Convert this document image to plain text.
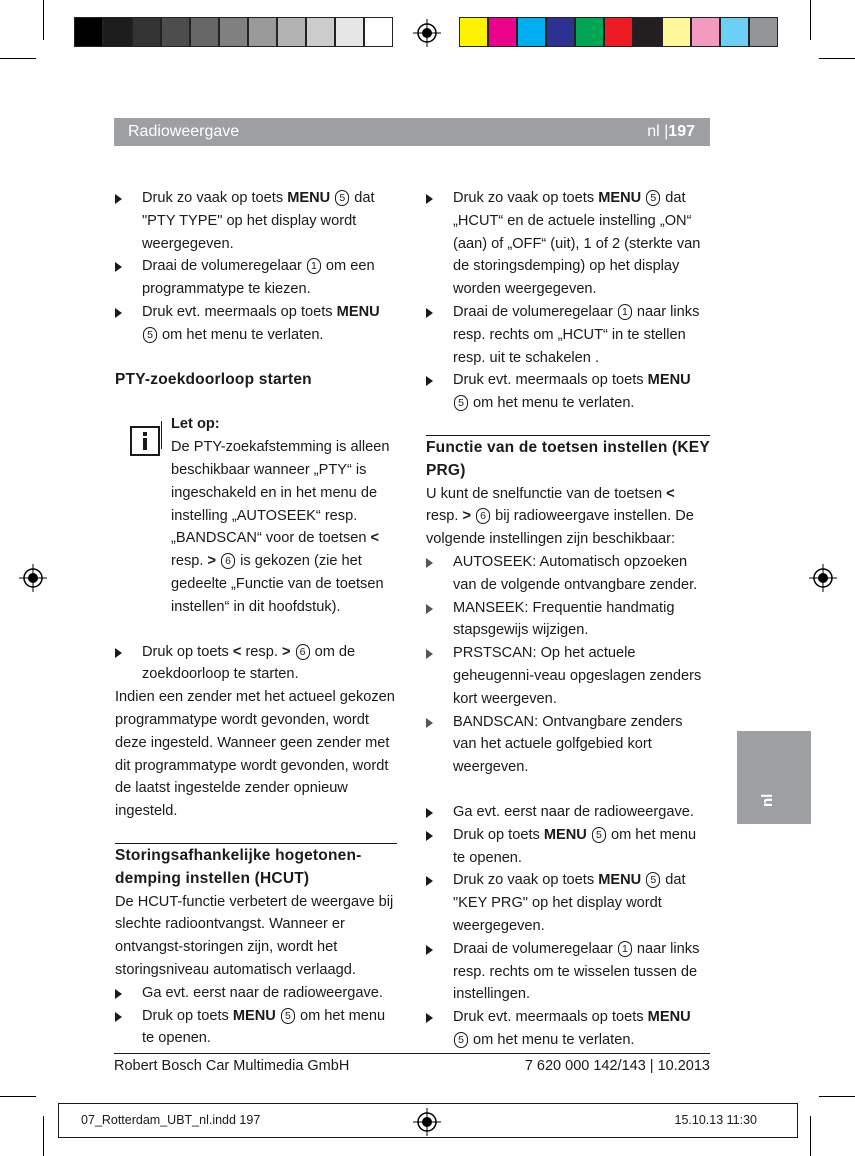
Radioweergave	nl |197
Druk zo vaak op toets MENU 5 dat "PTY TYPE" op het display wordt weergegeven.
Draai de volumeregelaar 1 om een programmatype te kiezen.
Druk evt. meermaals op toets MENU 5 om het menu te verlaten.

PTY-zoekdoorloop starten

Let op:

De PTY-zoekafstemming is alleen beschikbaar wanneer „PTY“ is ingeschakeld en in het menu de instelling „AUTOSEEK“ resp. „BANDSCAN“ voor de toetsen < resp. > 6 is gekozen (zie het gedeelte „Functie van de toetsen instellen“ in dit hoofdstuk).

Druk op toets < resp. > 6 om de zoekdoorloop te starten.

Indien een zender met het actueel gekozen programmatype wordt gevonden, wordt deze ingesteld. Wanneer geen zender met dit programmatype wordt gevonden, wordt de laatst ingestelde zender opnieuw ingesteld.

Storingsafhankelijke hogetonen-demping instellen (HCUT)

De HCUT-functie verbetert de weergave bij slechte radioontvangst. Wanneer er ontvangst-storingen zijn, wordt het storingsniveau automatisch verlaagd.

Ga evt. eerst naar de radioweergave.
Druk op toets MENU 5 om het menu te openen.
Druk zo vaak op toets MENU 5 dat „HCUT“ en de actuele instelling „ON“ (aan) of „OFF“ (uit), 1 of 2 (sterkte van de storingsdemping) op het display worden weergegeven.
Draai de volumeregelaar 1 naar links resp. rechts om „HCUT“ in te stellen resp. uit te schakelen .
Druk evt. meermaals op toets MENU 5 om het menu te verlaten.

Functie van de toetsen instellen (KEY PRG)

U kunt de snelfunctie van de toetsen < resp. > 6 bij radioweergave instellen. De volgende instellingen zijn beschikbaar:

AUTOSEEK: Automatisch opzoeken van de volgende ontvangbare zender.
MANSEEK: Frequentie handmatig stapsgewijs wijzigen.
PRSTSCAN: Op het actuele geheugenni-veau opgeslagen zenders kort weergeven.
BANDSCAN: Ontvangbare zenders van het actuele golfgebied kort weergeven.
Ga evt. eerst naar de radioweergave.
Druk op toets MENU 5 om het menu te openen.
Druk zo vaak op toets MENU 5 dat "KEY PRG" op het display wordt weergegeven.
Draai de volumeregelaar 1 naar links resp. rechts om te wisselen tussen de instellingen.
Druk evt. meermaals op toets MENU 5 om het menu te verlaten.
nl
Robert Bosch Car Multimedia GmbH	7 620 000 142/143 | 10.2013
07_Rotterdam_UBT_nl.indd 197	15.10.13 11:30
